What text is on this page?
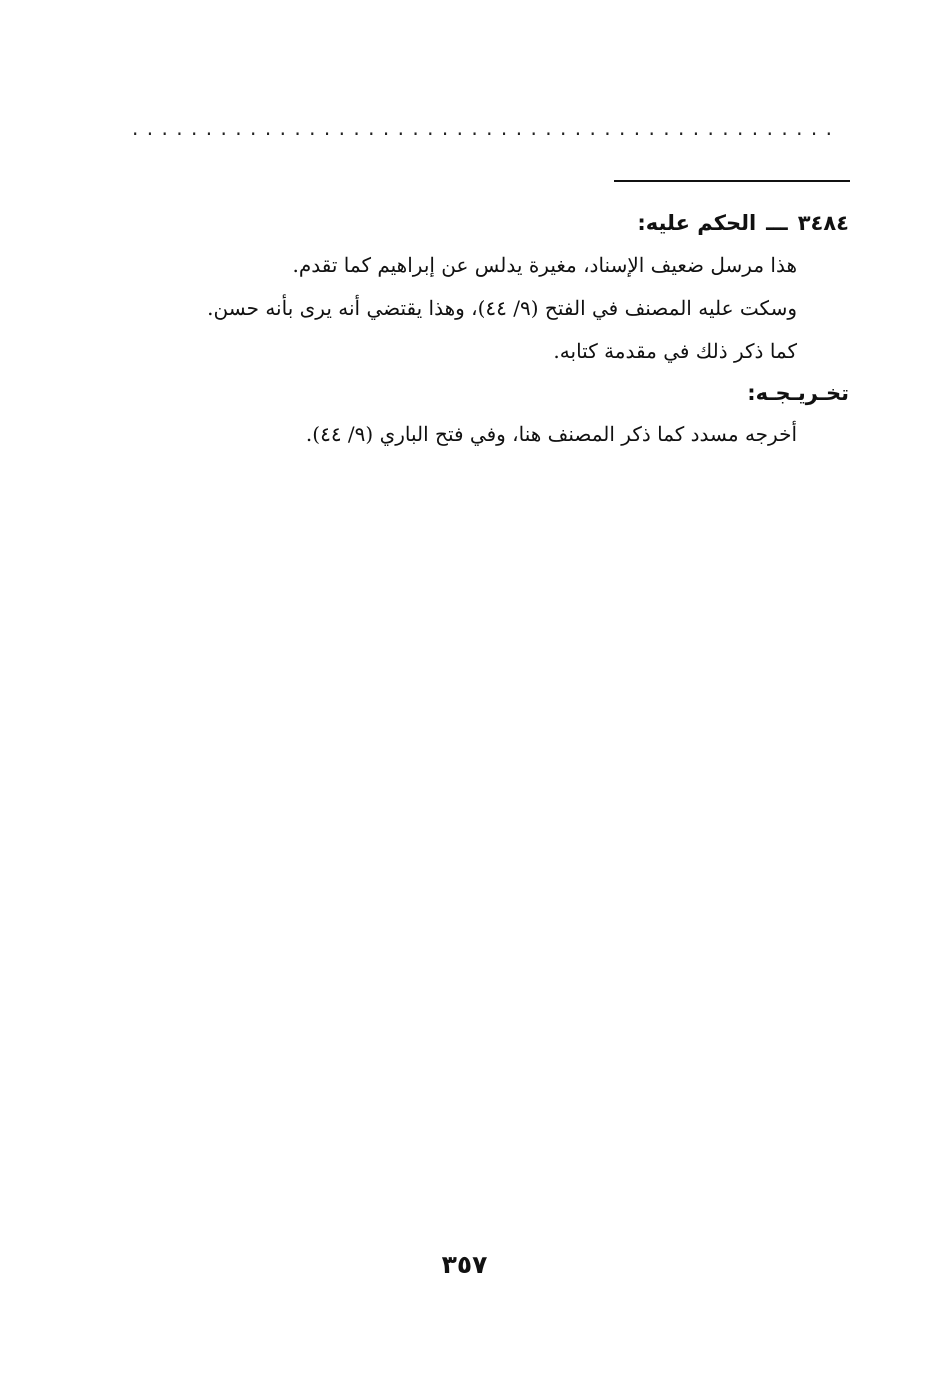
................................................

٣٤٨٤ـــالحكم عليه:

هذا مرسل ضعيف الإسناد، مغيرة يدلس عن إبراهيم كما تقدم.

وسكت عليه المصنف في الفتح (٩/ ٤٤)، وهذا يقتضي أنه يرى بأنه حسن.

كما ذكر ذلك في مقدمة كتابه.

تخـريـجـه:

أخرجه مسدد كما ذكر المصنف هنا، وفي فتح الباري (٩/ ٤٤).

٣٥٧
